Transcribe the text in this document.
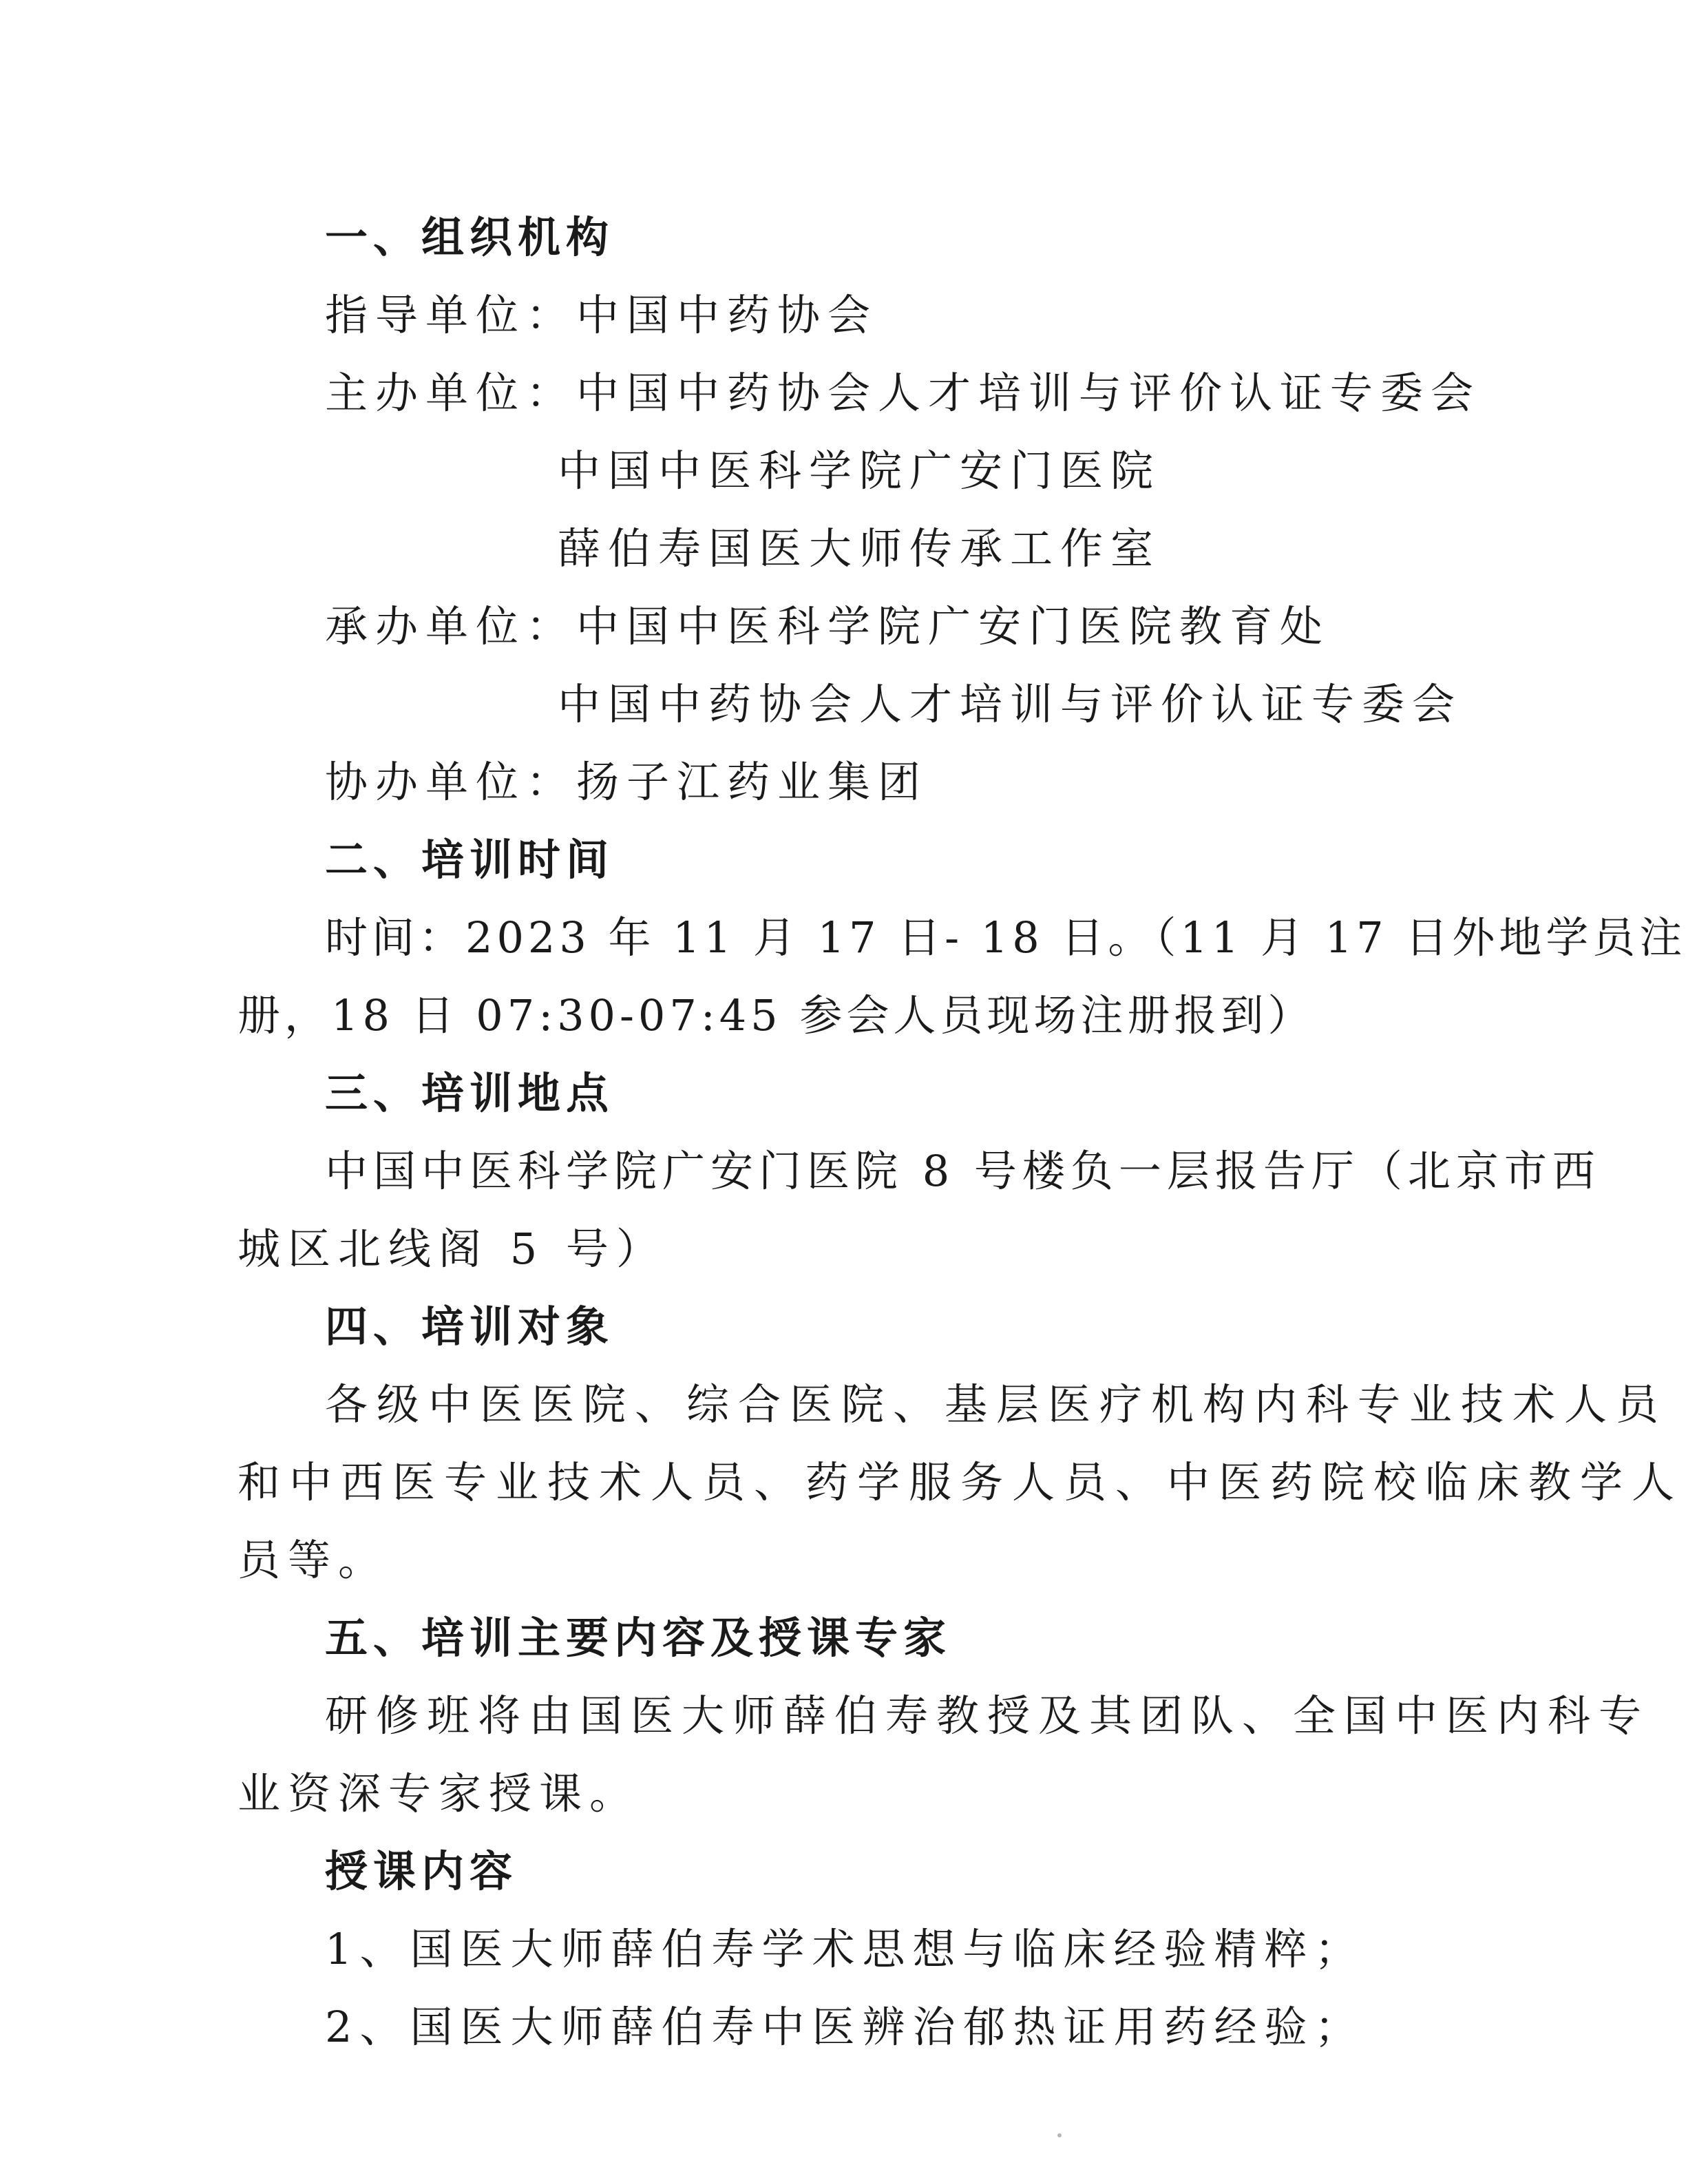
一、组织机构
指导单位：中国中药协会
主办单位：中国中药协会人才培训与评价认证专委会
中国中医科学院广安门医院
薛伯寿国医大师传承工作室
承办单位：中国中医科学院广安门医院教育处
中国中药协会人才培训与评价认证专委会
协办单位：扬子江药业集团
二、培训时间
时间：2023 年 11 月 17 日- 18 日。（11 月 17 日外地学员注
册，18 日 07:30-07:45 参会人员现场注册报到）
三、培训地点
中国中医科学院广安门医院 8 号楼负一层报告厅（北京市西
城区北线阁 5 号）
四、培训对象
各级中医医院、综合医院、基层医疗机构内科专业技术人员
和中西医专业技术人员、药学服务人员、中医药院校临床教学人
员等。
五、培训主要内容及授课专家
研修班将由国医大师薛伯寿教授及其团队、全国中医内科专
业资深专家授课。
授课内容
1、国医大师薛伯寿学术思想与临床经验精粹；
2、国医大师薛伯寿中医辨治郁热证用药经验；
